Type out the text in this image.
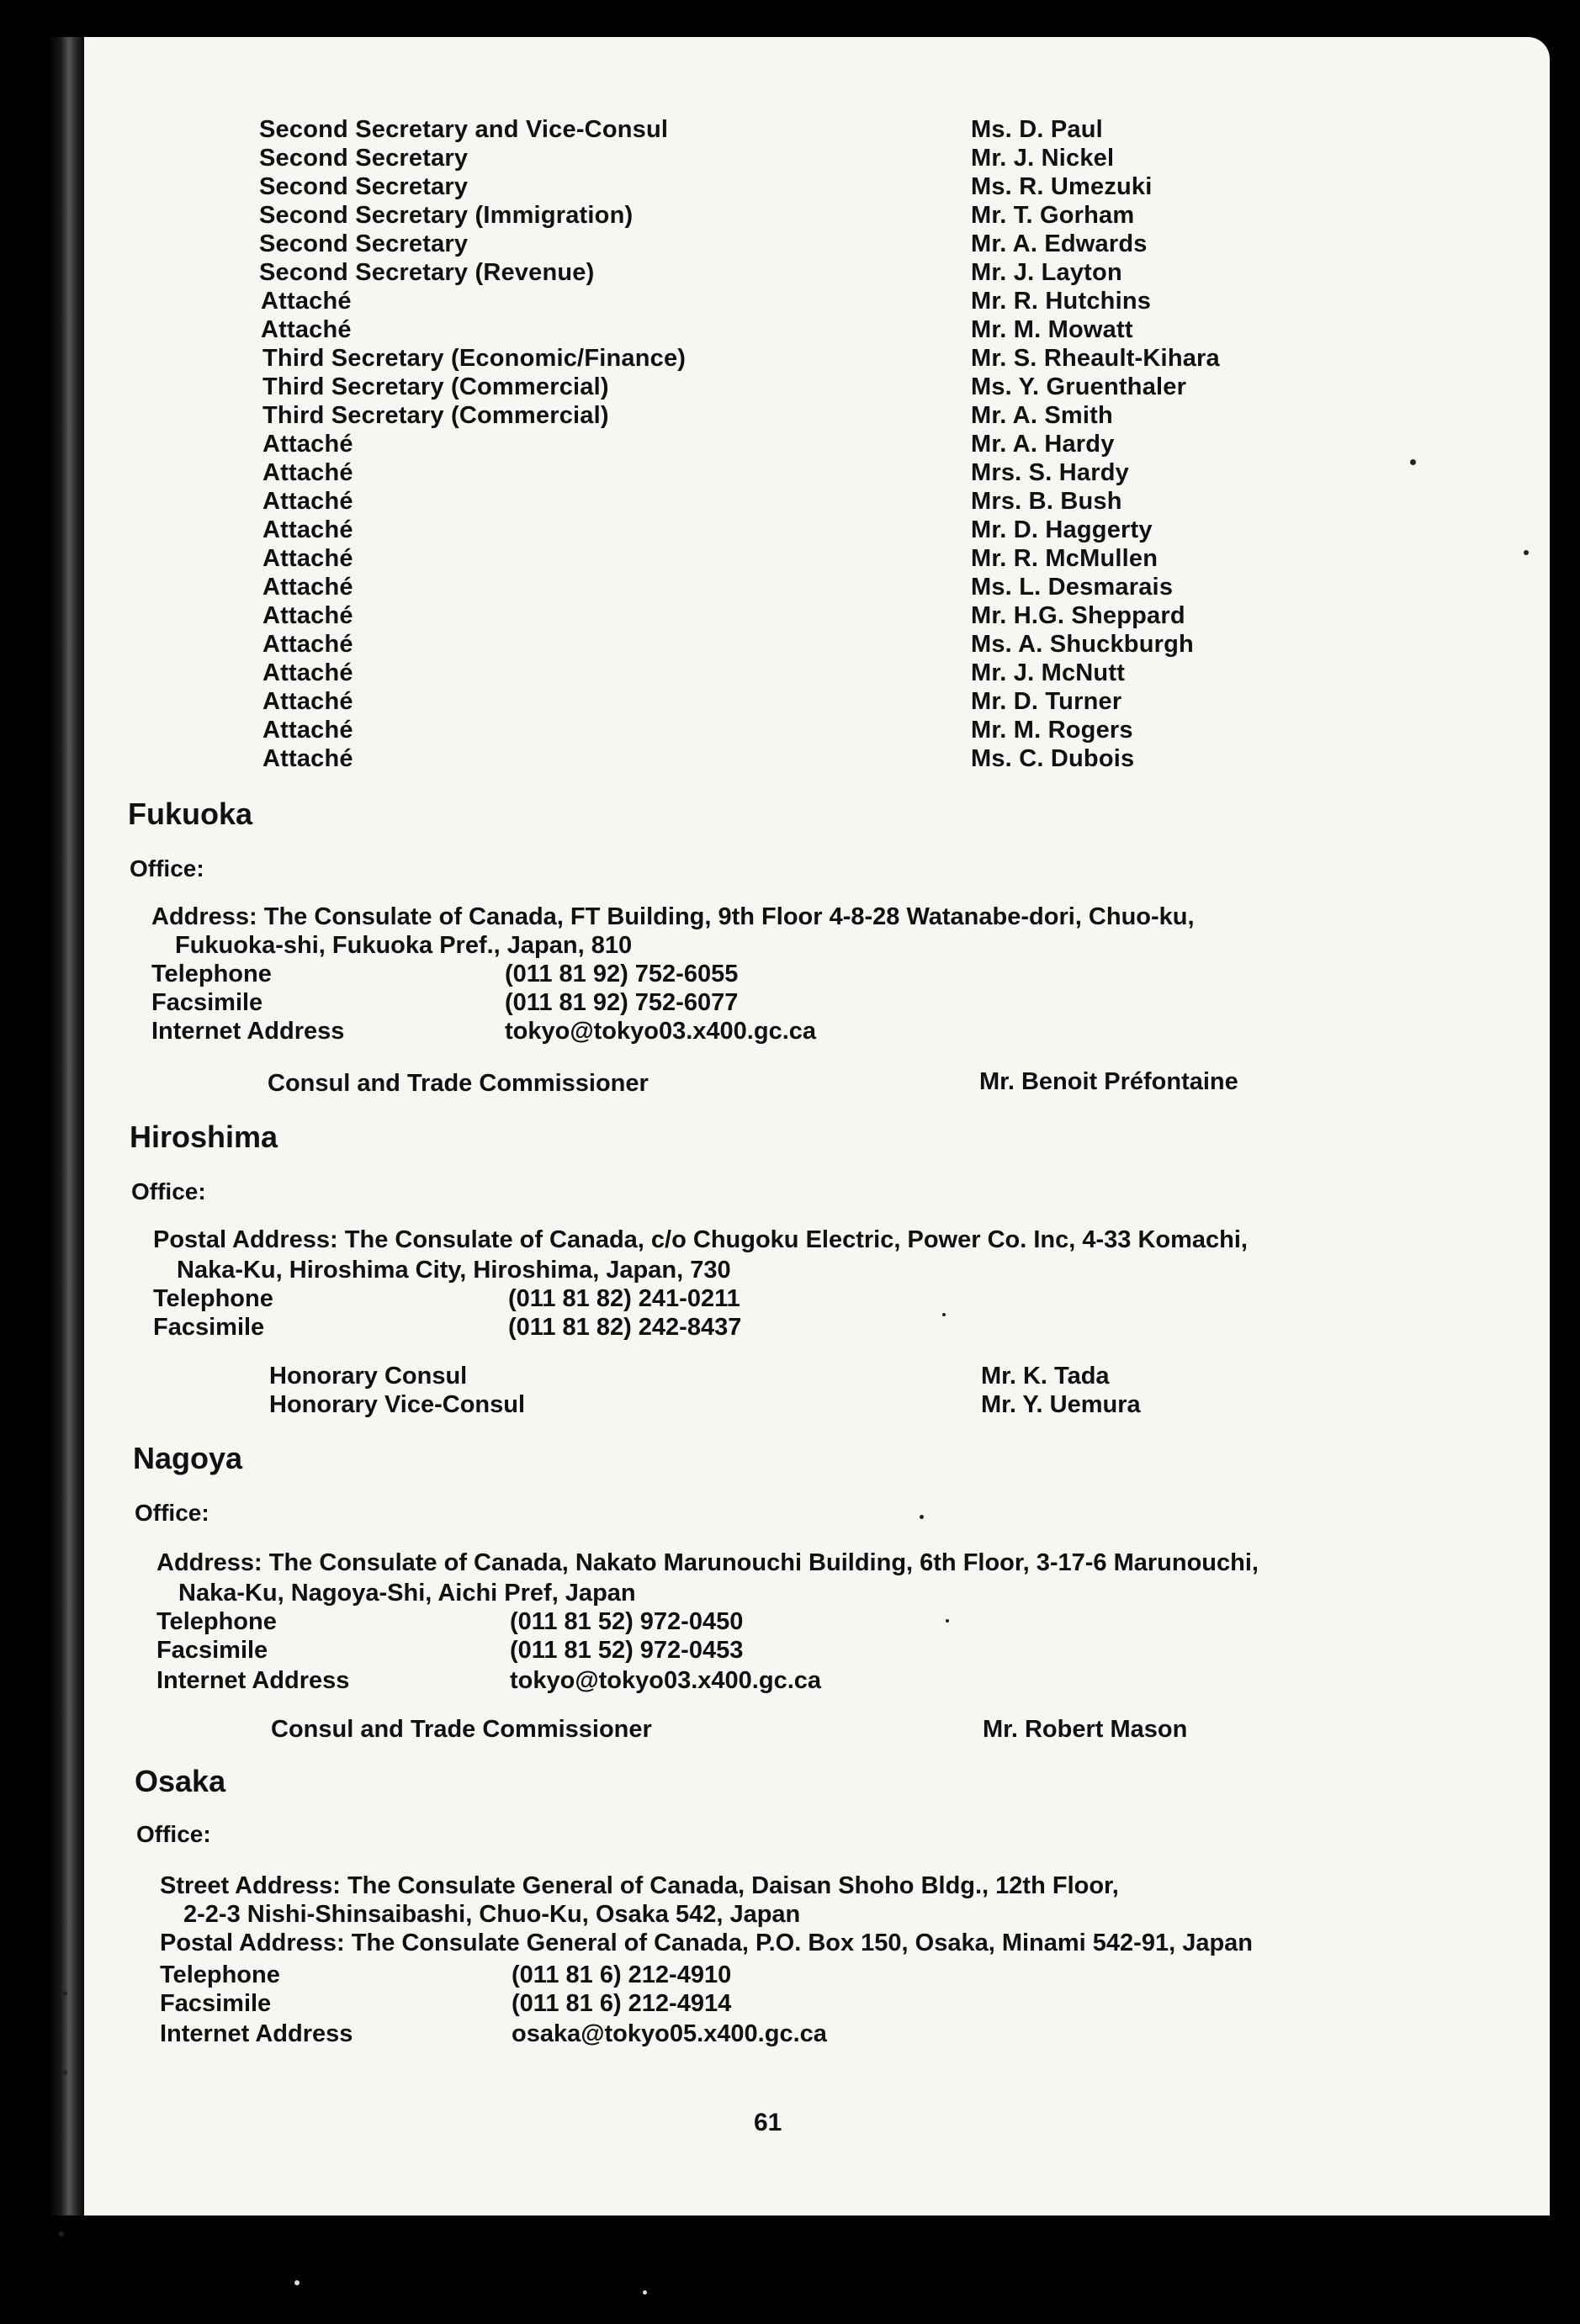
Second Secretary and Vice-Consul	Ms. D. Paul
Second Secretary	Mr. J. Nickel
Second Secretary	Ms. R. Umezuki
Second Secretary (Immigration)	Mr. T. Gorham
Second Secretary	Mr. A. Edwards
Second Secretary (Revenue)	Mr. J. Layton
Attaché	Mr. R. Hutchins
Attaché	Mr. M. Mowatt
Third Secretary (Economic/Finance)	Mr. S. Rheault-Kihara
Third Secretary (Commercial)	Ms. Y. Gruenthaler
Third Secretary (Commercial)	Mr. A. Smith
Attaché	Mr. A. Hardy
Attaché	Mrs. S. Hardy
Attaché	Mrs. B. Bush
Attaché	Mr. D. Haggerty
Attaché	Mr. R. McMullen
Attaché	Ms. L. Desmarais
Attaché	Mr. H.G. Sheppard
Attaché	Ms. A. Shuckburgh
Attaché	Mr. J. McNutt
Attaché	Mr. D. Turner
Attaché	Mr. M. Rogers
Attaché	Ms. C. Dubois
Fukuoka
Office:
Address: The Consulate of Canada, FT Building, 9th Floor 4-8-28 Watanabe-dori, Chuo-ku,
Fukuoka-shi, Fukuoka Pref., Japan, 810
Telephone	(011 81 92) 752-6055
Facsimile	(011 81 92) 752-6077
Internet Address	tokyo@tokyo03.x400.gc.ca
Consul and Trade Commissioner	Mr. Benoit Préfontaine
Hiroshima
Office:
Postal Address: The Consulate of Canada, c/o Chugoku Electric, Power Co. Inc, 4-33 Komachi,
Naka-Ku, Hiroshima City, Hiroshima, Japan, 730
Telephone	(011 81 82) 241-0211
Facsimile	(011 81 82) 242-8437
Honorary Consul	Mr. K. Tada
Honorary Vice-Consul	Mr. Y. Uemura
Nagoya
Office:
Address: The Consulate of Canada, Nakato Marunouchi Building, 6th Floor, 3-17-6 Marunouchi,
Naka-Ku, Nagoya-Shi, Aichi Pref, Japan
Telephone	(011 81 52) 972-0450
Facsimile	(011 81 52) 972-0453
Internet Address	tokyo@tokyo03.x400.gc.ca
Consul and Trade Commissioner	Mr. Robert Mason
Osaka
Office:
Street Address: The Consulate General of Canada, Daisan Shoho Bldg., 12th Floor,
2-2-3 Nishi-Shinsaibashi, Chuo-Ku, Osaka 542, Japan
Postal Address: The Consulate General of Canada, P.O. Box 150, Osaka, Minami 542-91, Japan
Telephone	(011 81 6) 212-4910
Facsimile	(011 81 6) 212-4914
Internet Address	osaka@tokyo05.x400.gc.ca
61
